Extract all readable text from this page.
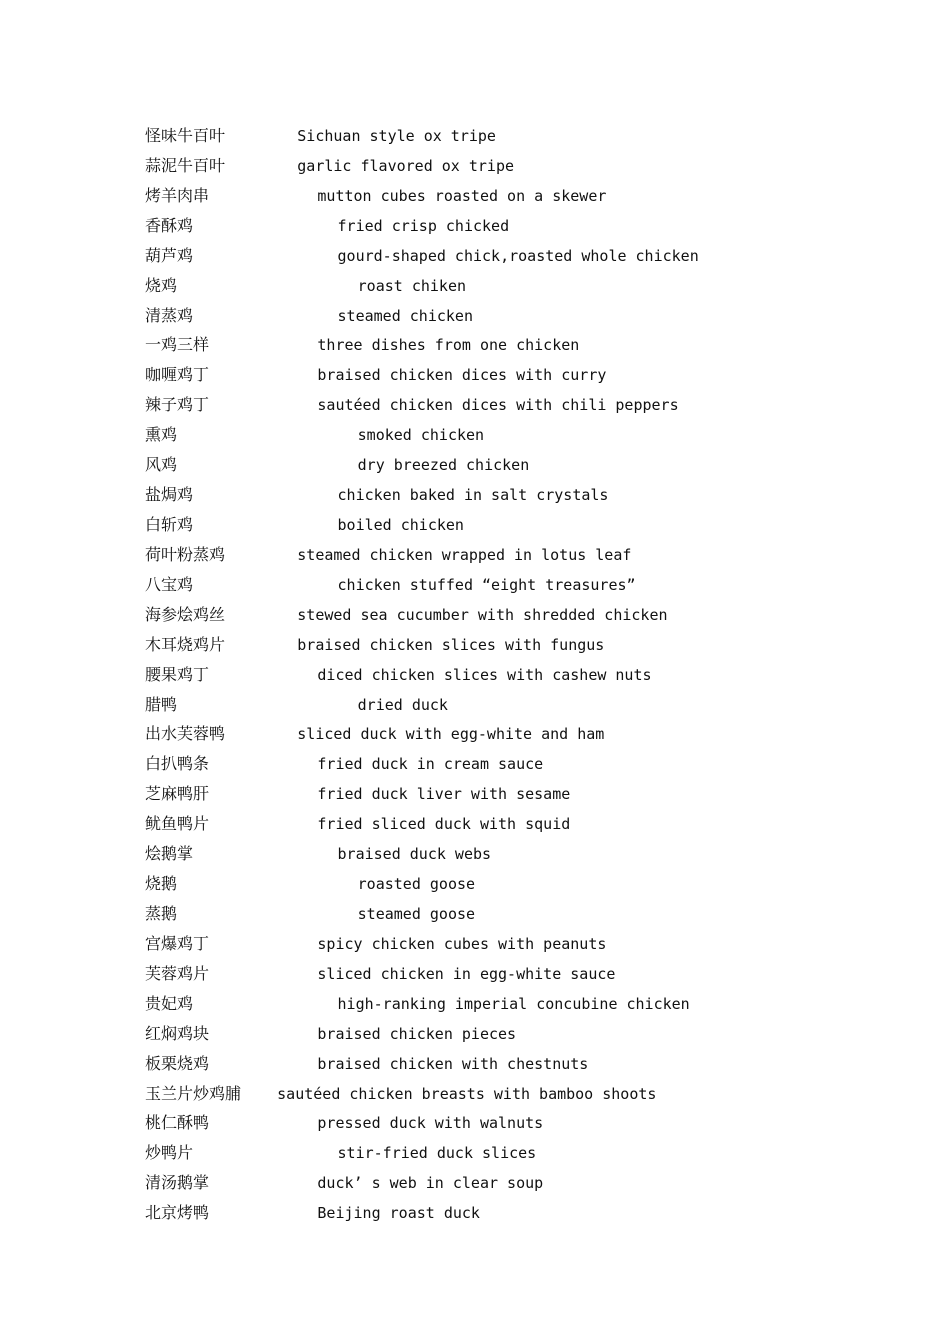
怪味牛百叶	Sichuan style ox tripe
蒜泥牛百叶	garlic flavored ox tripe
烤羊肉串	mutton cubes roasted on a skewer
香酥鸡	fried crisp chicked
葫芦鸡	gourd-shaped chick,roasted whole chicken
烧鸡	roast chiken
清蒸鸡	steamed chicken
一鸡三样	three dishes from one chicken
咖喱鸡丁	braised chicken dices with curry
辣子鸡丁	sautéed chicken dices with chili peppers
熏鸡	smoked chicken
风鸡	dry breezed chicken
盐焗鸡	chicken baked in salt crystals
白斩鸡	boiled chicken
荷叶粉蒸鸡	steamed chicken wrapped in lotus leaf
八宝鸡	chicken stuffed “eight treasures”
海参烩鸡丝	stewed sea cucumber with shredded chicken
木耳烧鸡片	braised chicken slices with fungus
腰果鸡丁	diced chicken slices with cashew nuts
腊鸭	dried duck
出水芙蓉鸭	sliced duck with egg-white and ham
白扒鸭条	fried duck in cream sauce
芝麻鸭肝	fried duck liver with sesame
鱿鱼鸭片	fried sliced duck with squid
烩鹅掌	braised duck webs
烧鹅	roasted goose
蒸鹅	steamed goose
宫爆鸡丁	spicy chicken cubes with peanuts
芙蓉鸡片	sliced chicken in egg-white sauce
贵妃鸡	high-ranking imperial concubine chicken
红焖鸡块	braised chicken pieces
板栗烧鸡	braised chicken with chestnuts
玉兰片炒鸡脯 sautéed chicken breasts with bamboo shoots
桃仁酥鸭	pressed duck with walnuts
炒鸭片	stir-fried duck slices
清汤鹅掌	duck’ s web in clear soup
北京烤鸭	Beijing roast duck
